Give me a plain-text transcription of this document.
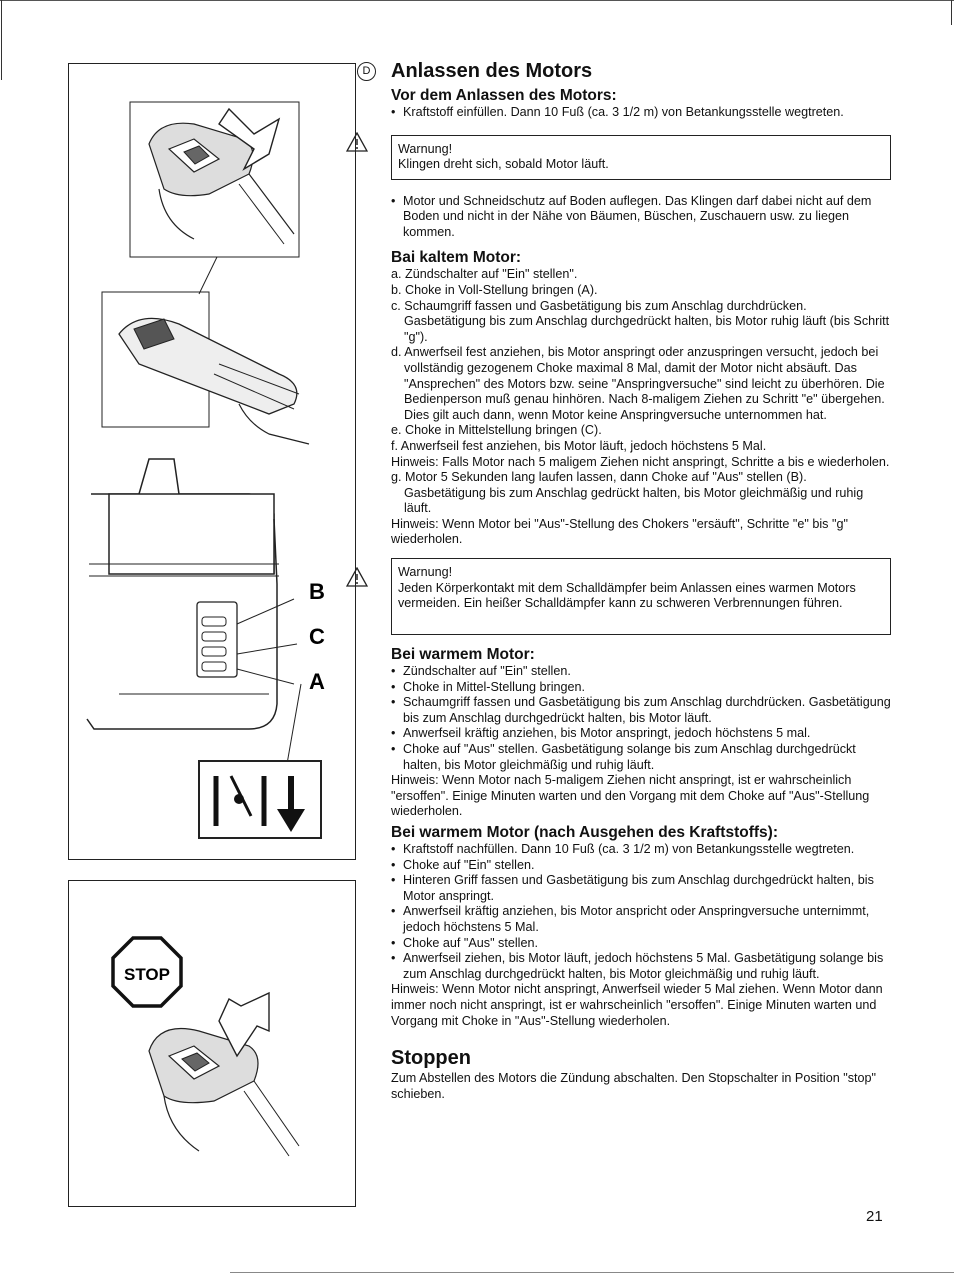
B
C
A
STOP
D Anlassen des Motors
Vor dem Anlassen des Motors:
• Kraftstoff einfüllen. Dann 10 Fuß (ca. 3 1/2 m) von Betankungsstelle wegtreten.

Warnung!

Klingen dreht sich, sobald Motor läuft.

• Motor und Schneidschutz auf Boden auflegen. Das Klingen darf dabei nicht auf dem Boden und nicht in der Nähe von Bäumen, Büschen, Zuschauern usw. zu liegen kommen.
Bai kaltem Motor:
a. Zündschalter auf "Ein" stellen".
b. Choke in Voll-Stellung bringen (A).
c. Schaumgriff fassen und Gasbetätigung bis zum Anschlag durchdrücken. Gasbetätigung bis zum Anschlag durchgedrückt halten, bis Motor ruhig läuft (bis Schritt "g").
d. Anwerfseil fest anziehen, bis Motor anspringt oder anzuspringen versucht, jedoch bei vollständig gezogenem Choke maximal 8 Mal, damit der Motor nicht absäuft. Das "Ansprechen" des Motors bzw. seine "Anspringversuche" sind leicht zu überhören. Die Bedienperson muß genau hinhören. Nach 8-maligem Ziehen zu Schritt "e" übergehen. Dies gilt auch dann, wenn Motor keine Anspringversuche unternommen hat.
e. Choke in Mittelstellung bringen (C).
f. Anwerfseil fest anziehen, bis Motor läuft, jedoch höchstens 5 Mal.

Hinweis: Falls Motor nach 5 maligem Ziehen nicht anspringt, Schritte a bis e wiederholen.

g. Motor 5 Sekunden lang laufen lassen, dann Choke auf "Aus" stellen (B). Gasbetätigung bis zum Anschlag gedrückt halten, bis Motor gleichmäßig und ruhig läuft.

Hinweis: Wenn Motor bei "Aus"-Stellung des Chokers "ersäuft", Schritte "e" bis "g" wiederholen.

Warnung!

Jeden Körperkontakt mit dem Schalldämpfer beim Anlassen eines warmen Motors vermeiden. Ein heißer Schalldämpfer kann zu schweren Verbrennungen führen.

Bei warmem Motor:
• Zündschalter auf "Ein" stellen.
• Choke in Mittel-Stellung bringen.
• Schaumgriff fassen und Gasbetätigung bis zum Anschlag durchdrücken. Gasbetätigung bis zum Anschlag durchgedrückt halten, bis Motor läuft.
• Anwerfseil kräftig anziehen, bis Motor anspringt, jedoch höchstens 5 mal.
• Choke auf "Aus" stellen. Gasbetätigung solange bis zum Anschlag durchgedrückt halten, bis Motor gleichmäßig und ruhig läuft.

Hinweis: Wenn Motor nach 5-maligem Ziehen nicht anspringt, ist er wahrscheinlich "ersoffen". Einige Minuten warten und den Vorgang mit dem Choke auf "Aus"-Stellung wiederholen.

Bei warmem Motor (nach Ausgehen des Kraftstoffs):
• Kraftstoff nachfüllen. Dann 10 Fuß (ca. 3 1/2 m) von Betankungsstelle wegtreten.
• Choke auf "Ein" stellen.
• Hinteren Griff fassen und Gasbetätigung bis zum Anschlag durchgedrückt halten, bis Motor anspringt.
• Anwerfseil kräftig anziehen, bis Motor anspricht oder Anspringversuche unternimmt, jedoch höchstens 5 Mal.
• Choke auf "Aus" stellen.
• Anwerfseil ziehen, bis Motor läuft, jedoch höchstens 5 Mal. Gasbetätigung solange bis zum Anschlag durchgedrückt halten, bis Motor gleichmäßig und ruhig läuft.

Hinweis: Wenn Motor nicht anspringt, Anwerfseil wieder 5 Mal ziehen. Wenn Motor dann immer noch nicht anspringt, ist er wahrscheinlich "ersoffen". Einige Minuten warten und Vorgang mit Choke in "Aus"-Stellung wiederholen.

Stoppen

Zum Abstellen des Motors die Zündung abschalten. Den Stopschalter in Position "stop" schieben.

21
